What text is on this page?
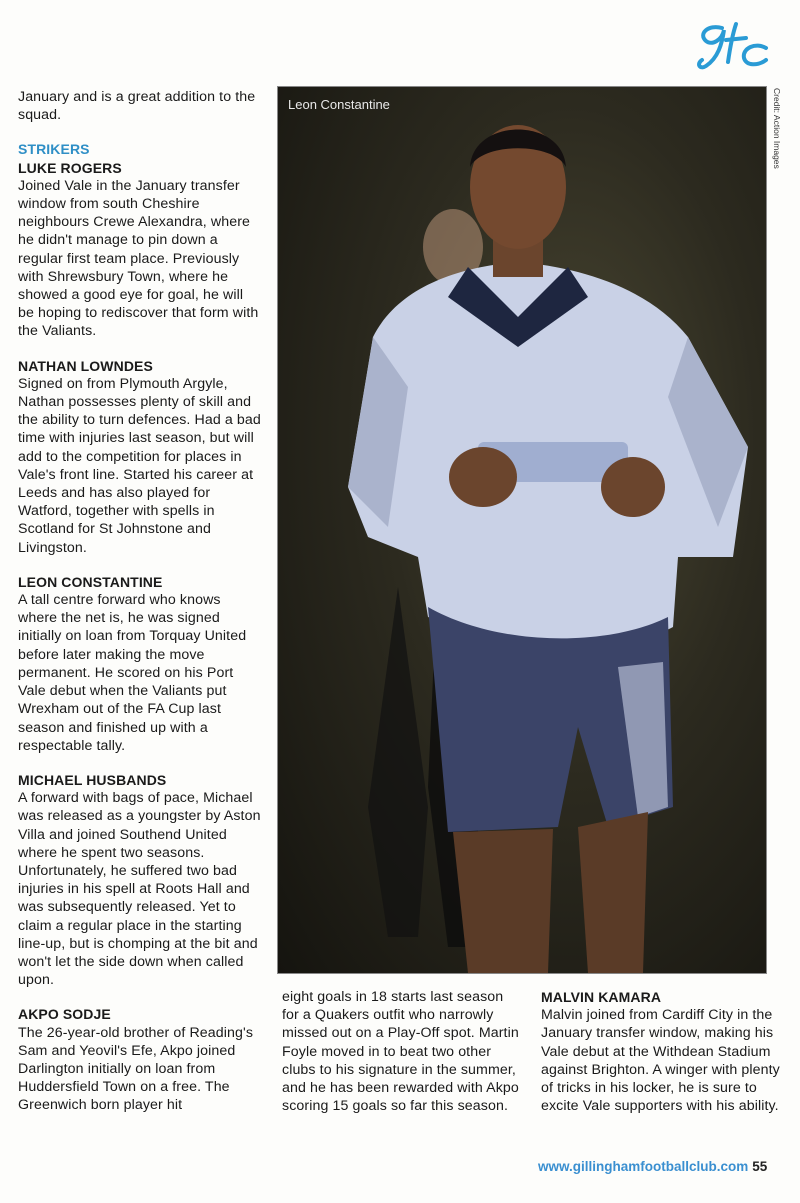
January and is a great addition to the squad.

STRIKERS

LUKE ROGERS

Joined Vale in the January transfer window from south Cheshire neighbours Crewe Alexandra, where he didn't manage to pin down a regular first team place. Previously with Shrewsbury Town, where he showed a good eye for goal, he will be hoping to rediscover that form with the Valiants.

NATHAN LOWNDES

Signed on from Plymouth Argyle, Nathan possesses plenty of skill and the ability to turn defences. Had a bad time with injuries last season, but will add to the competition for places in Vale's front line. Started his career at Leeds and has also played for Watford, together with spells in Scotland for St Johnstone and Livingston.

LEON CONSTANTINE

A tall centre forward who knows where the net is, he was signed initially on loan from Torquay United before later making the move permanent. He scored on his Port Vale debut when the Valiants put Wrexham out of the FA Cup last season and finished up with a respectable tally.

MICHAEL HUSBANDS

A forward with bags of pace, Michael was released as a youngster by Aston Villa and joined Southend United where he spent two seasons. Unfortunately, he suffered two bad injuries in his spell at Roots Hall and was subsequently released. Yet to claim a regular place in the starting line-up, but is chomping at the bit and won't let the side down when called upon.

AKPO SODJE

The 26-year-old brother of Reading's Sam and Yeovil's Efe, Akpo joined Darlington initially on loan from Huddersfield Town on a free. The Greenwich born player hit

Leon Constantine	Credit: Action Images

eight goals in 18 starts last season for a Quakers outfit who narrowly missed out on a Play-Off spot. Martin Foyle moved in to beat two other clubs to his signature in the summer, and he has been rewarded with Akpo scoring 15 goals so far this season.

MALVIN KAMARA

Malvin joined from Cardiff City in the January transfer window, making his Vale debut at the Withdean Stadium against Brighton. A winger with plenty of tricks in his locker, he is sure to excite Vale supporters with his ability.

www.gillinghamfootballclub.com 55
